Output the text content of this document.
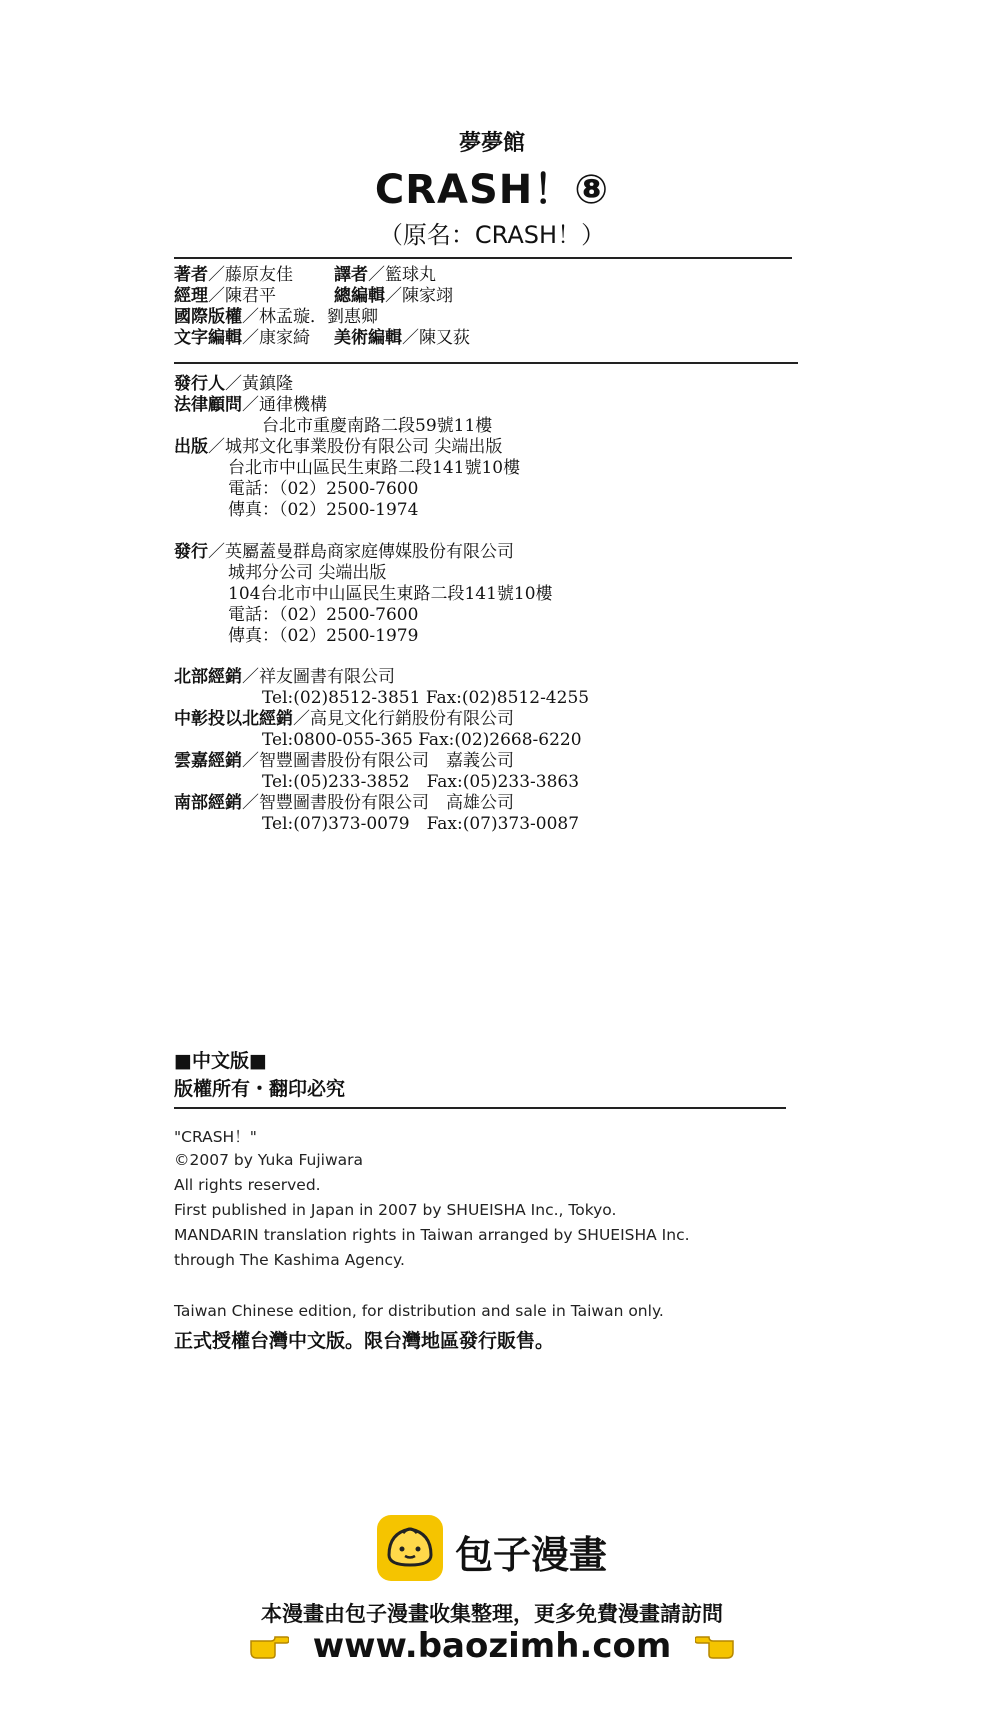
夢夢館
CRASH！⑧
（原名：CRASH！）
著者／藤原友佳 譯者／籃球丸
經理／陳君平	總編輯／陳家翊
國際版權／林孟璇．劉惠卿
文字編輯／康家綺 美術編輯／陳又荻
發行人／黃鎮隆
法律顧問／通律機構
台北市重慶南路二段59號11樓
出版／城邦文化事業股份有限公司 尖端出版
台北市中山區民生東路二段141號10樓
電話：（02）2500-7600
傳真：（02）2500-1974
發行／英屬蓋曼群島商家庭傳媒股份有限公司
城邦分公司 尖端出版
104台北市中山區民生東路二段141號10樓
電話：（02）2500-7600
傳真：（02）2500-1979
北部經銷／祥友圖書有限公司
Tel:(02)8512-3851 Fax:(02)8512-4255
中彰投以北經銷／高見文化行銷股份有限公司
Tel:0800-055-365 Fax:(02)2668-6220
雲嘉經銷／智豐圖書股份有限公司　嘉義公司
Tel:(05)233-3852　Fax:(05)233-3863
南部經銷／智豐圖書股份有限公司　高雄公司
Tel:(07)373-0079　Fax:(07)373-0087
■中文版■
版權所有・翻印必究
"CRASH！"
©2007 by Yuka Fujiwara
All rights reserved.
First published in Japan in 2007 by SHUEISHA Inc., Tokyo.
MANDARIN translation rights in Taiwan arranged by SHUEISHA Inc.
through The Kashima Agency.
Taiwan Chinese edition, for distribution and sale in Taiwan only.
正式授權台灣中文版。限台灣地區發行販售。
包子漫畫
本漫畫由包子漫畫收集整理，更多免費漫畫請訪問
www.baozimh.com
